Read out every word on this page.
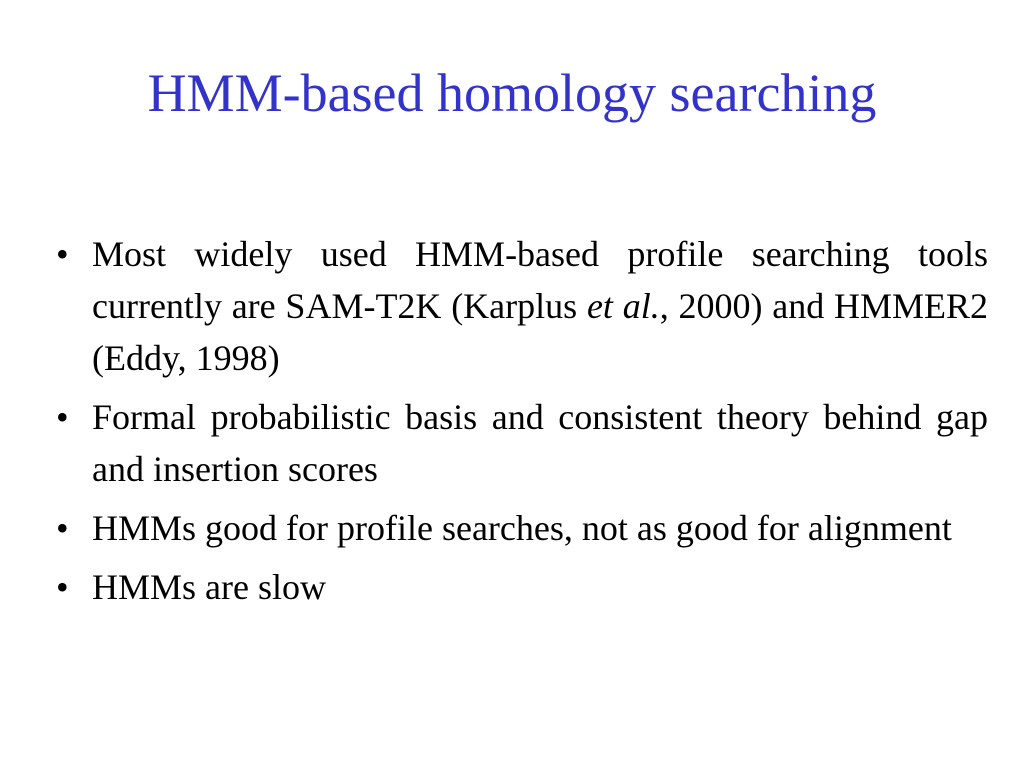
HMM-based homology searching
• Most widely used HMM-based profile searching tools currently are SAM-T2K (Karplus et al., 2000) and HMMER2 (Eddy, 1998)
• Formal probabilistic basis and consistent theory behind gap and insertion scores
• HMMs good for profile searches, not as good for alignment
• HMMs are slow
